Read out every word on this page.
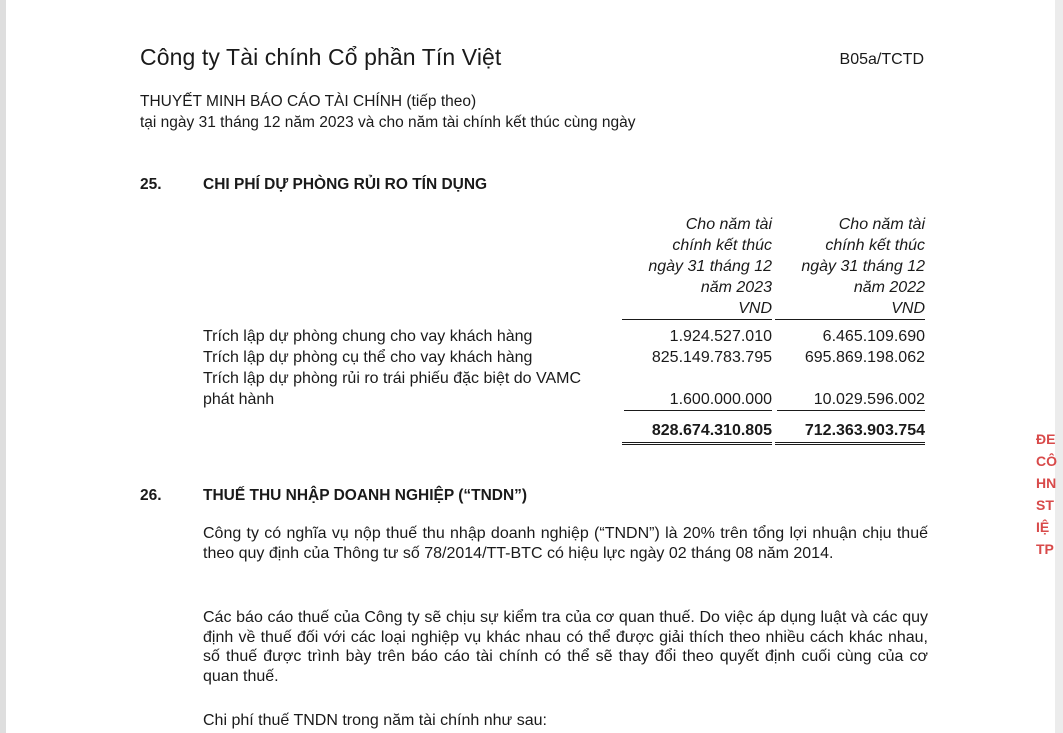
Công ty Tài chính Cổ phần Tín Việt	B05a/TCTD
THUYẾT MINH BÁO CÁO TÀI CHÍNH (tiếp theo)
tại ngày 31 tháng 12 năm 2023 và cho năm tài chính kết thúc cùng ngày
25.	CHI PHÍ DỰ PHÒNG RỦI RO TÍN DỤNG
Cho năm tài
chính kết thúc
ngày 31 tháng 12
năm 2023
VND
Cho năm tài
chính kết thúc
ngày 31 tháng 12
năm 2022
VND
Trích lập dự phòng chung cho vay khách hàng	1.924.527.010	6.465.109.690
Trích lập dự phòng cụ thể cho vay khách hàng	825.149.783.795 695.869.198.062
Trích lập dự phòng rủi ro trái phiếu đặc biệt do VAMC
phát hành	1.600.000.000	10.029.596.002
828.674.310.805	712.363.903.754
26.	THUẾ THU NHẬP DOANH NGHIỆP (“TNDN”)
Công ty có nghĩa vụ nộp thuế thu nhập doanh nghiệp (“TNDN”) là 20% trên tổng lợi nhuận chịu thuế theo quy định của Thông tư số 78/2014/TT-BTC có hiệu lực ngày 02 tháng 08 năm 2014.
Các báo cáo thuế của Công ty sẽ chịu sự kiểm tra của cơ quan thuế. Do việc áp dụng luật và các quy định về thuế đối với các loại nghiệp vụ khác nhau có thể được giải thích theo nhiều cách khác nhau, số thuế được trình bày trên báo cáo tài chính có thể sẽ thay đổi theo quyết định cuối cùng của cơ quan thuế.
Chi phí thuế TNDN trong năm tài chính như sau:
ĐE
CÔ
HN
ST
IỆ
TP
